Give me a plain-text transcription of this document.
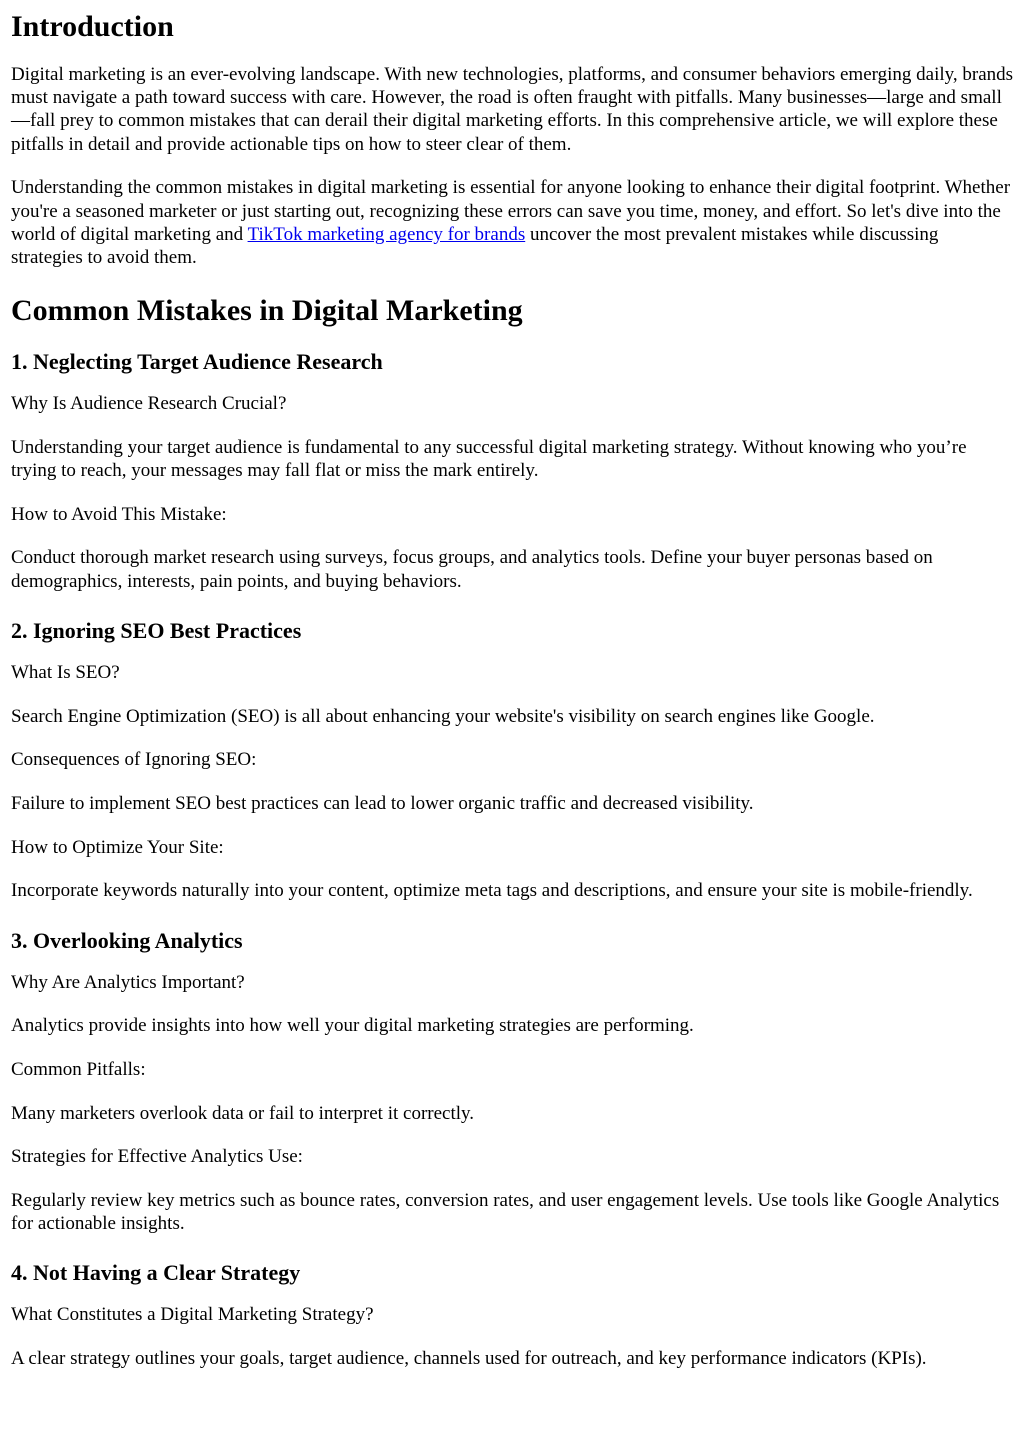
Introduction

Digital marketing is an ever-evolving landscape. With new technologies, platforms, and consumer behaviors emerging daily, brands must navigate a path toward success with care. However, the road is often fraught with pitfalls. Many businesses—large and small—fall prey to common mistakes that can derail their digital marketing efforts. In this comprehensive article, we will explore these pitfalls in detail and provide actionable tips on how to steer clear of them.

Understanding the common mistakes in digital marketing is essential for anyone looking to enhance their digital footprint. Whether you're a seasoned marketer or just starting out, recognizing these errors can save you time, money, and effort. So let's dive into the world of digital marketing and TikTok marketing agency for brands uncover the most prevalent mistakes while discussing strategies to avoid them.

Common Mistakes in Digital Marketing
1. Neglecting Target Audience Research

Why Is Audience Research Crucial?

Understanding your target audience is fundamental to any successful digital marketing strategy. Without knowing who you’re trying to reach, your messages may fall flat or miss the mark entirely.

How to Avoid This Mistake:

Conduct thorough market research using surveys, focus groups, and analytics tools. Define your buyer personas based on demographics, interests, pain points, and buying behaviors.

2. Ignoring SEO Best Practices

What Is SEO?

Search Engine Optimization (SEO) is all about enhancing your website's visibility on search engines like Google.

Consequences of Ignoring SEO:

Failure to implement SEO best practices can lead to lower organic traffic and decreased visibility.

How to Optimize Your Site:

Incorporate keywords naturally into your content, optimize meta tags and descriptions, and ensure your site is mobile-friendly.

3. Overlooking Analytics

Why Are Analytics Important?

Analytics provide insights into how well your digital marketing strategies are performing.

Common Pitfalls:

Many marketers overlook data or fail to interpret it correctly.

Strategies for Effective Analytics Use:

Regularly review key metrics such as bounce rates, conversion rates, and user engagement levels. Use tools like Google Analytics for actionable insights.

4. Not Having a Clear Strategy

What Constitutes a Digital Marketing Strategy?

A clear strategy outlines your goals, target audience, channels used for outreach, and key performance indicators (KPIs).
